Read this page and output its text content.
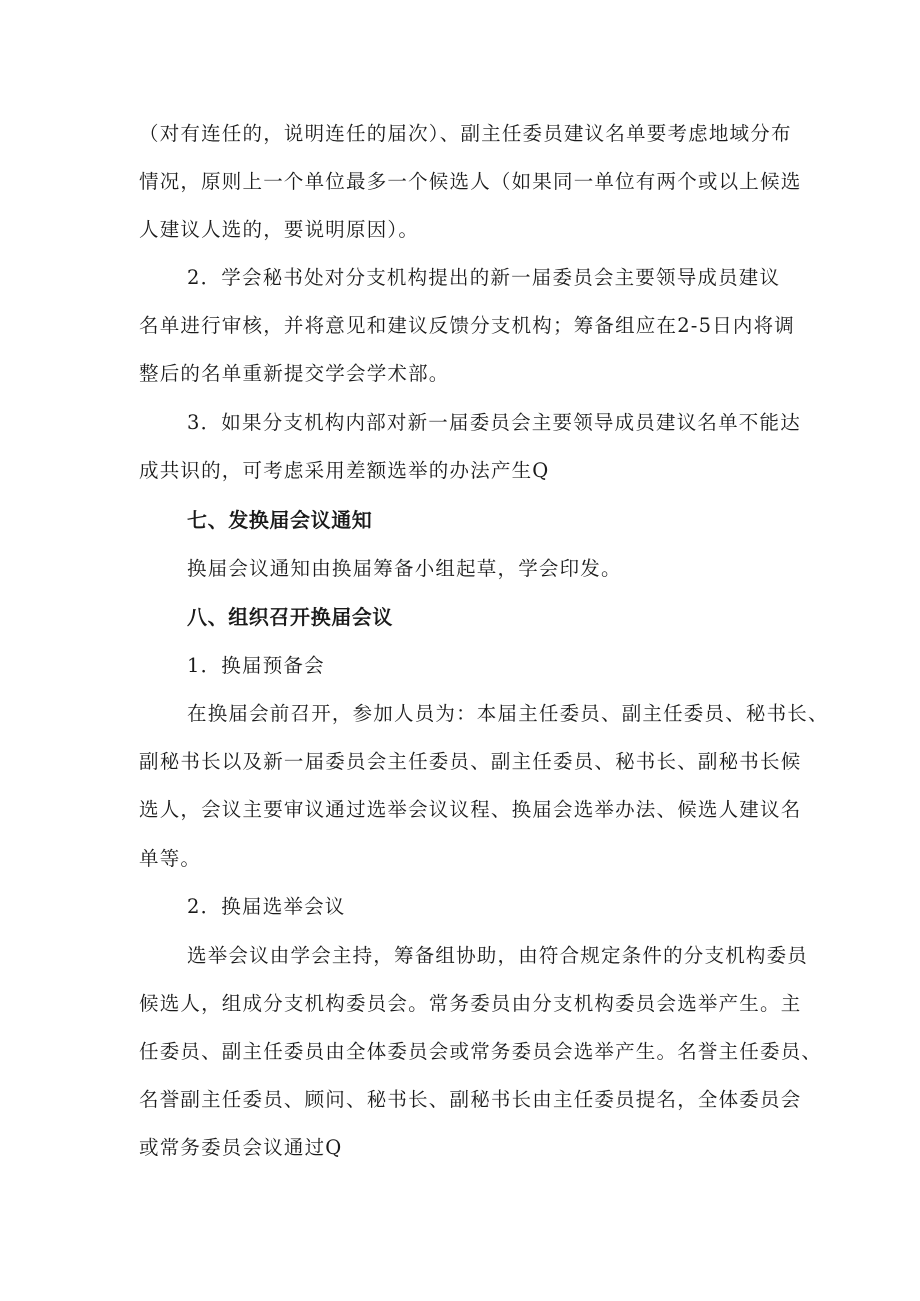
（对有连任的，说明连任的届次）、副主任委员建议名单要考虑地域分布
情况，原则上一个单位最多一个候选人（如果同一单位有两个或以上候选
人建议人选的，要说明原因）。
2．学会秘书处对分支机构提出的新一届委员会主要领导成员建议
名单进行审核，并将意见和建议反馈分支机构；筹备组应在2-5日内将调
整后的名单重新提交学会学术部。
3．如果分支机构内部对新一届委员会主要领导成员建议名单不能达
成共识的，可考虑采用差额选举的办法产生Q
七、发换届会议通知
换届会议通知由换届筹备小组起草，学会印发。
八、组织召开换届会议
1．换届预备会
在换届会前召开，参加人员为：本届主任委员、副主任委员、秘书长、
副秘书长以及新一届委员会主任委员、副主任委员、秘书长、副秘书长候
选人，会议主要审议通过选举会议议程、换届会选举办法、候选人建议名
单等。
2．换届选举会议
选举会议由学会主持，筹备组协助，由符合规定条件的分支机构委员
候选人，组成分支机构委员会。常务委员由分支机构委员会选举产生。主
任委员、副主任委员由全体委员会或常务委员会选举产生。名誉主任委员、
名誉副主任委员、顾问、秘书长、副秘书长由主任委员提名，全体委员会
或常务委员会议通过Q
